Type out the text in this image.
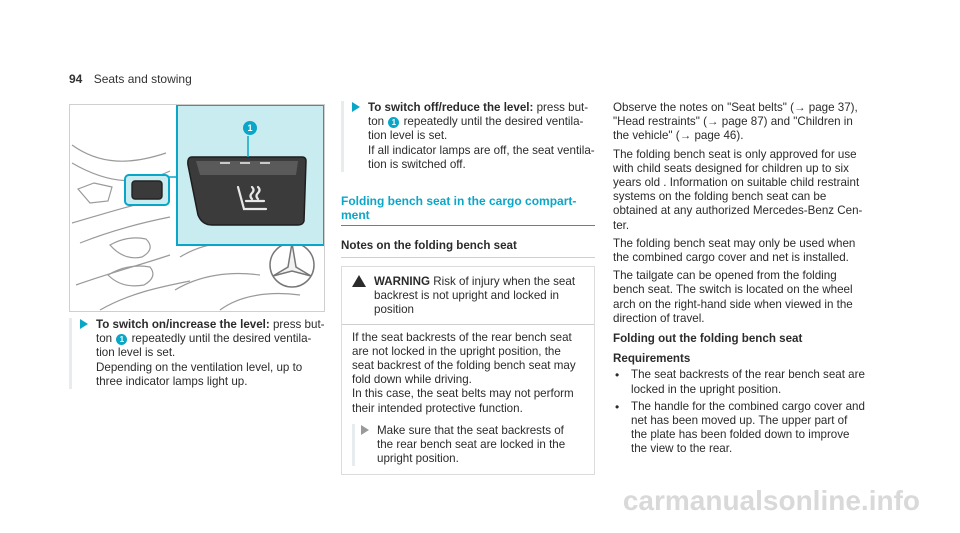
94 Seats and stowing
1
To switch on/increase the level: press but-
ton 1 repeatedly until the desired ventila-
tion level is set.
Depending on the ventilation level, up to
three indicator lamps light up.
To switch off/reduce the level: press but-
ton 1 repeatedly until the desired ventila-
tion level is set.
If all indicator lamps are off, the seat ventila-
tion is switched off.
Folding bench seat in the cargo compart-
ment
Notes on the folding bench seat
!	WARNING Risk of injury when the seat
backrest is not upright and locked in
position
If the seat backrests of the rear bench seat
are not locked in the upright position, the
seat backrest of the folding bench seat may
fold down while driving.
In this case, the seat belts may not perform
their intended protective function.
Make sure that the seat backrests of
the rear bench seat are locked in the
upright position.
Observe the notes on "Seat belts" (→ page 37),
"Head restraints" (→ page 87) and "Children in
the vehicle" (→ page 46).
The folding bench seat is only approved for use
with child seats designed for children up to six
years old . Information on suitable child restraint
systems on the folding bench seat can be
obtained at any authorized Mercedes-Benz Cen-
ter.
The folding bench seat may only be used when
the combined cargo cover and net is installed.
The tailgate can be opened from the folding
bench seat. The switch is located on the wheel
arch on the right-hand side when viewed in the
direction of travel.
Folding out the folding bench seat
Requirements
• The seat backrests of the rear bench seat are
locked in the upright position.
• The handle for the combined cargo cover and
net has been moved up. The upper part of
the plate has been folded down to improve
the view to the rear.
carmanualsonline.info
